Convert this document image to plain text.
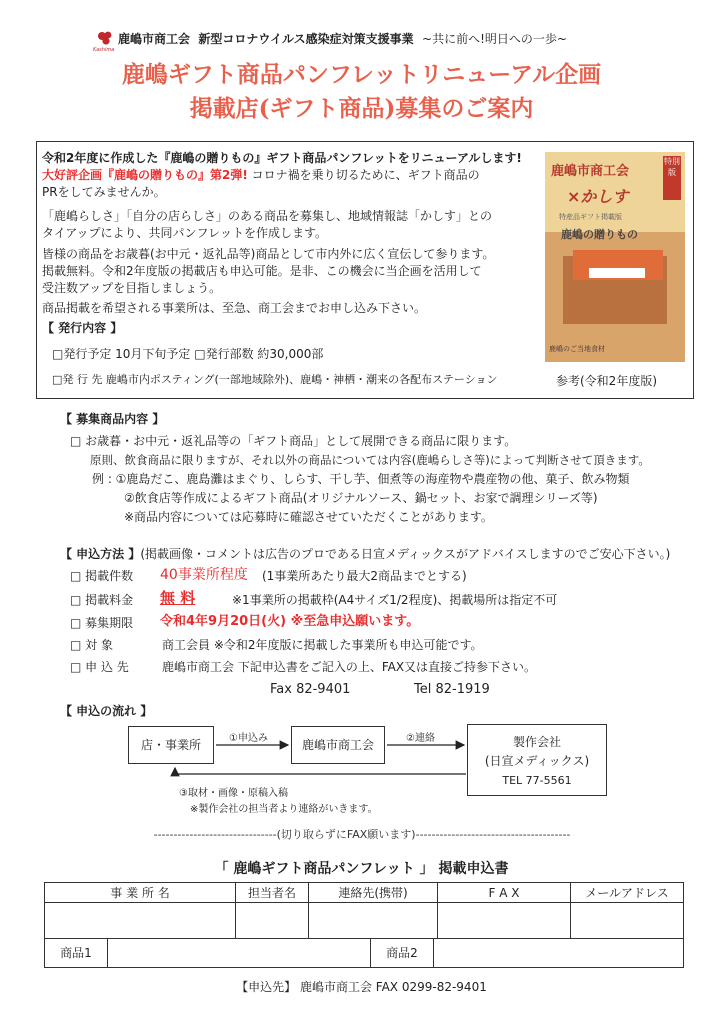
Kashima
鹿嶋市商工会 新型コロナウイルス感染症対策支援事業 ~共に前へ!明日への一歩~
鹿嶋ギフト商品パンフレットリニューアル企画
掲載店(ギフト商品)募集のご案内
令和2年度に作成した『鹿嶋の贈りもの』ギフト商品パンフレットをリニューアルします!
大好評企画『鹿嶋の贈りもの』第2弾! コロナ禍を乗り切るために、ギフト商品の
PRをしてみませんか。
「鹿嶋らしさ」「自分の店らしさ」のある商品を募集し、地域情報誌「かしす」との
タイアップにより、共同パンフレットを作成します。
皆様の商品をお歳暮(お中元・返礼品等)商品として市内外に広く宣伝して参ります。
掲載無料。令和2年度版の掲載店も申込可能。是非、この機会に当企画を活用して
受注数アップを目指しましょう。
商品掲載を希望される事業所は、至急、商工会までお申し込み下さい。
【 発行内容 】
□発行予定 10月下旬予定 □発行部数 約30,000部
□発 行 先 鹿嶋市内ポスティング(一部地域除外)、鹿嶋・神栖・潮来の各配布ステーション
鹿嶋市商工会
特別版
×かしす
特産品ギフト掲載版
鹿嶋の贈りもの
鹿嶋のご当地食材
参考(令和2年度版)
【 募集商品内容 】
□ お歳暮・お中元・返礼品等の「ギフト商品」として展開できる商品に限ります。
原則、飲食商品に限りますが、それ以外の商品については内容(鹿嶋らしさ等)によって判断させて頂きます。
例 : ①鹿島だこ、鹿島灘はまぐり、しらす、干し芋、佃煮等の海産物や農産物の他、菓子、飲み物類
②飲食店等作成によるギフト商品(オリジナルソース、鍋セット、お家で調理シリーズ等)
※商品内容については応募時に確認させていただくことがあります。
【 申込方法 】(掲載画像・コメントは広告のプロである日宣メディックスがアドバイスしますのでご安心下さい。)
□ 掲載件数 40事業所程度 (1事業所あたり最大2商品までとする)
□ 掲載料金 無 料	※1事業所の掲載枠(A4サイズ1/2程度)、掲載場所は指定不可
□ 募集期限 令和4年9月20日(火) ※至急申込願います。
□ 対 象	商工会員 ※令和2年度版に掲載した事業所も申込可能です。
□ 申 込 先	鹿嶋市商工会 下記申込書をご記入の上、FAX又は直接ご持参下さい。
Fax 82-9401	Tel 82-1919
【 申込の流れ 】
店・事業所	鹿嶋市商工会	製作会社
(日宣メディックス)
TEL 77-5561
①申込み	②連絡
③取材・画像・原稿入稿
※製作会社の担当者より連絡がいきます。
-------------------------------(切り取らずにFAX願います)---------------------------------------
「 鹿嶋ギフト商品パンフレット 」 掲載申込書
事 業 所 名	担当者名	連絡先(携帯)	F A X	メールアドレス

商品1 商品2				
【申込先】 鹿嶋市商工会 FAX 0299-82-9401
